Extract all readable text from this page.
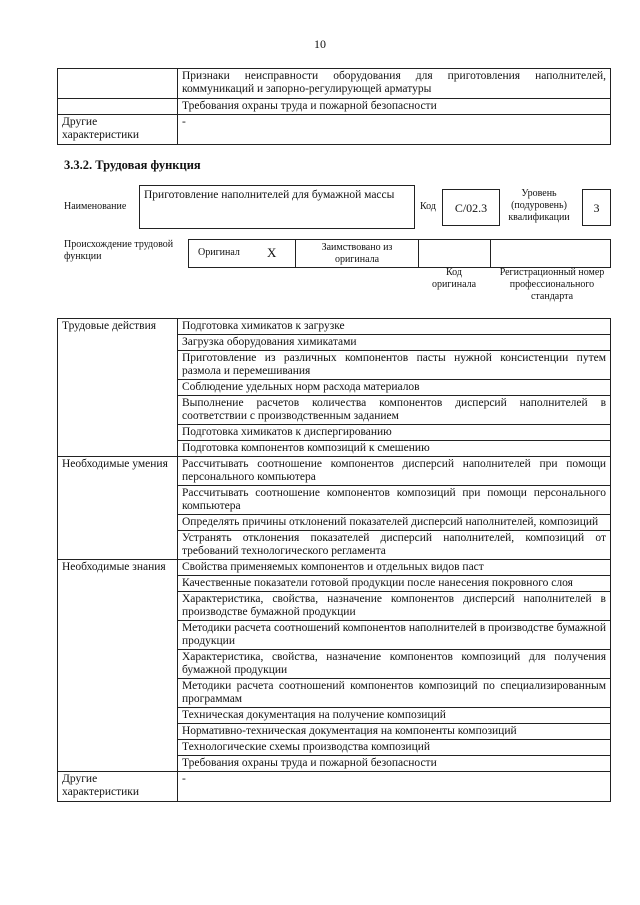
10
	Признаки неисправности оборудования для приготовления наполнителей, коммуникаций и запорно-регулирующей арматуры
	Требования охраны труда и пожарной безопасности
Другие характеристики	-
3.3.2. Трудовая функция
Наименование
Приготовление наполнителей для бумажной массы
Код	C/02.3
Уровень (подуровень) квалификации
3
Происхождение трудовой функции	Оригинал X	Заимствовано из оригинала
Код оригинала
Регистрационный номер профессионального стандарта
Трудовые действия	Подготовка химикатов к загрузке
	Загрузка оборудования химикатами
	Приготовление из различных компонентов пасты нужной консистенции путем размола и перемешивания
	Соблюдение удельных норм расхода материалов
	Выполнение расчетов количества компонентов дисперсий наполнителей в соответствии с производственным заданием
	Подготовка химикатов к диспергированию
	Подготовка компонентов композиций к смешению
Необходимые умения	Рассчитывать соотношение компонентов дисперсий наполнителей при помощи персонального компьютера
	Рассчитывать соотношение компонентов композиций при помощи персонального компьютера
	Определять причины отклонений показателей дисперсий наполнителей, композиций
	Устранять отклонения показателей дисперсий наполнителей, композиций от требований технологического регламента
Необходимые знания	Свойства применяемых компонентов и отдельных видов паст
	Качественные показатели готовой продукции после нанесения покровного слоя
	Характеристика, свойства, назначение компонентов дисперсий наполнителей в производстве бумажной продукции
	Методики расчета соотношений компонентов наполнителей в производстве бумажной продукции
	Характеристика, свойства, назначение компонентов композиций для получения бумажной продукции
	Методики расчета соотношений компонентов композиций по специализированным программам
	Техническая документация на получение композиций
	Нормативно-техническая документация на компоненты композиций
	Технологические схемы производства композиций
	Требования охраны труда и пожарной безопасности
Другие характеристики	-
